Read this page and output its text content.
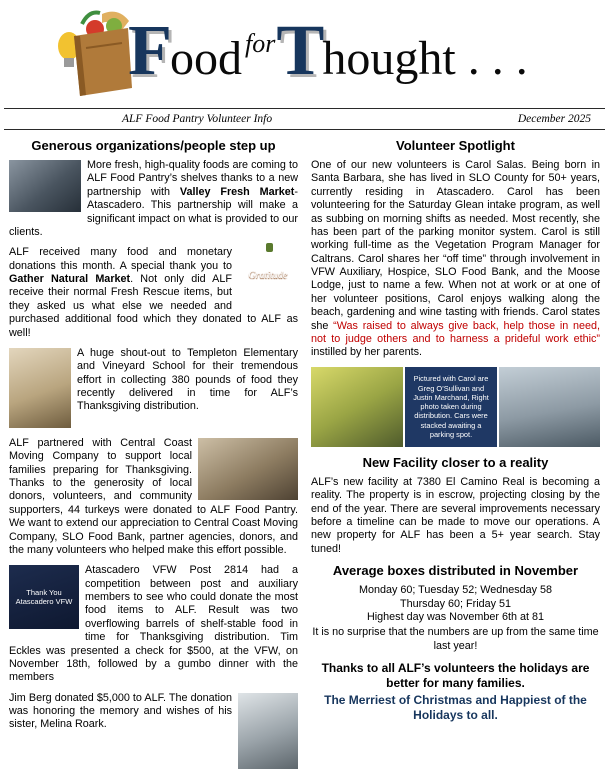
Food forThought . . .
ALF Food Pantry Volunteer Info	December 2025
Generous organizations/people step up

More fresh, high-quality foods are coming to ALF Food Pantry’s shelves thanks to a new partnership with Valley Fresh Market- Atascadero. This partnership will make a significant impact on what is provided to our clients.

Gratitude
ALF received many food and monetary donations this month. A special thank you to Gather Natural Market. Not only did ALF receive their normal Fresh Rescue items, but they asked us what else we needed and purchased additional food which they donated to ALF as well!

A huge shout-out to Templeton Elementary and Vineyard School for their tremendous effort in collecting 380 pounds of food they recently delivered in time for ALF’s Thanksgiving distribution.

ALF partnered with Central Coast Moving Company to support local families preparing for Thanksgiving. Thanks to the generosity of local donors, volunteers, and community supporters, 44 turkeys were donated to ALF Food Pantry. We want to extend our appreciation to Central Coast Moving Company, SLO Food Bank, partner agencies, donors, and the many volunteers who helped make this effort possible.

Thank You Atascadero VFW
Atascadero VFW Post 2814 had a competition between post and auxiliary members to see who could donate the most food items to ALF. Result was two overflowing barrels of shelf-stable food in time for Thanksgiving distribution. Tim Eckles was presented a check for $500, at the VFW, on November 18th, followed by a gumbo dinner with the members

Jim Berg donated $5,000 to ALF. The donation was honoring the memory and wishes of his sister, Melina Roark.

Volunteer Spotlight

One of our new volunteers is Carol Salas. Being born in Santa Barbara, she has lived in SLO County for 50+ years, currently residing in Atascadero. Carol has been volunteering for the Saturday Glean intake program, as well as subbing on morning shifts as needed. Most recently, she has been part of the parking monitor system. Carol is still working full-time as the Vegetation Program Manager for Caltrans. Carol shares her “off time” through involvement in VFW Auxiliary, Hospice, SLO Food Bank, and the Moose Lodge, just to name a few. When not at work or at one of her volunteer positions, Carol enjoys walking along the beach, gardening and wine tasting with friends. Carol states she “Was raised to always give back, help those in need, not to judge others and to harness a prideful work ethic” instilled by her parents.

Pictured with Carol are Greg O’Sullivan and Justin Marchand, Right photo taken during distribution. Cars were stacked awaiting a parking spot.
New Facility closer to a reality

ALF’s new facility at 7380 El Camino Real is becoming a reality. The property is in escrow, projecting closing by the end of the year. There are several improvements necessary before a timeline can be made to move our operations. A new property for ALF has been a 5+ year search. Stay tuned!

Average boxes distributed in November

Monday 60; Tuesday 52; Wednesday 58

Thursday 60; Friday 51

Highest day was November 6th at 81

It is no surprise that the numbers are up from the same time last year!

Thanks to all ALF’s volunteers the holidays are better for many families.

The Merriest of Christmas and Happiest of the Holidays to all.
